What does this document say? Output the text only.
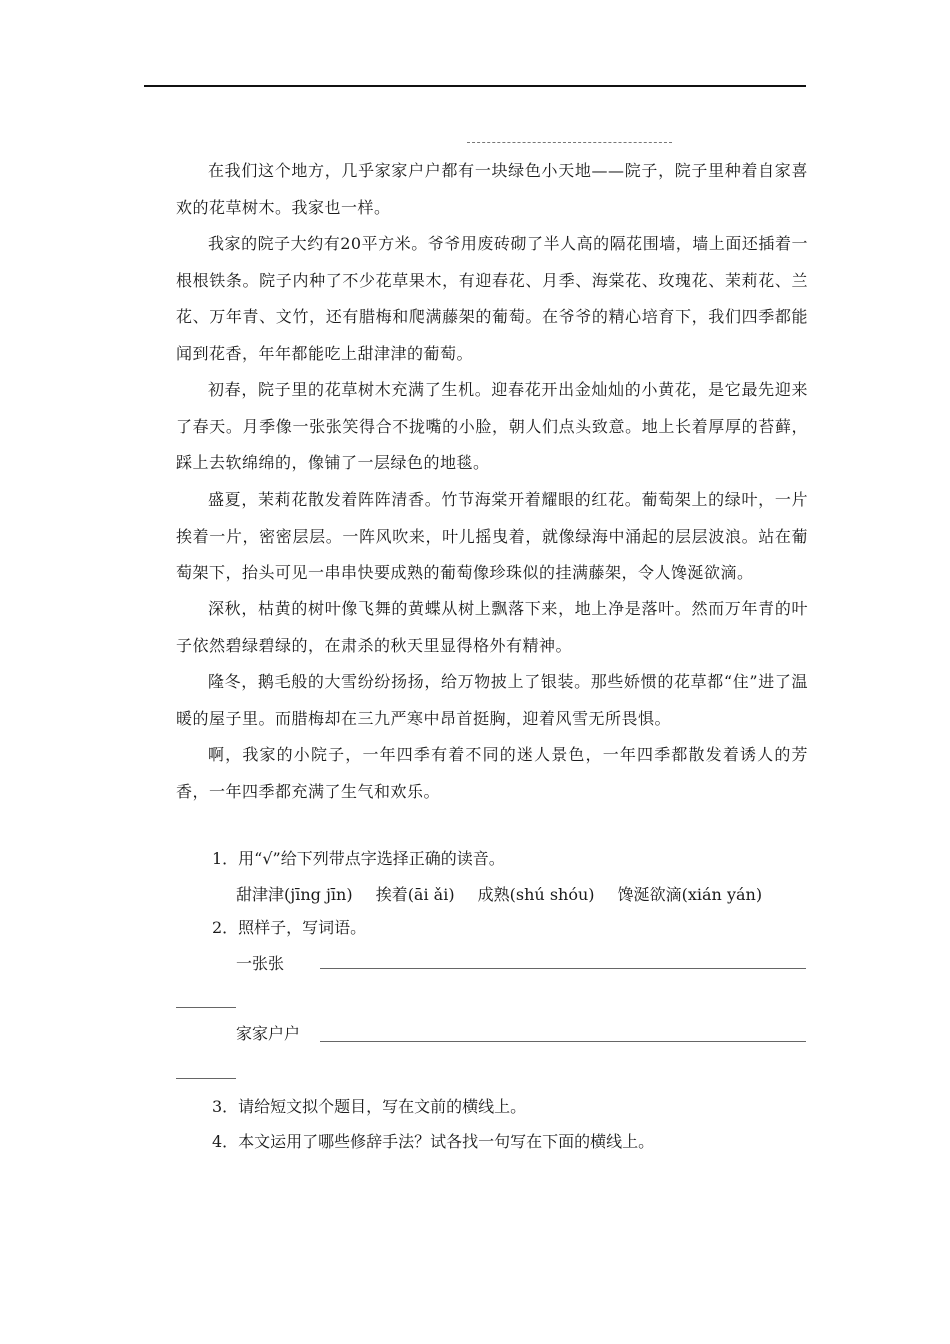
在我们这个地方，几乎家家户户都有一块绿色小天地——院子，院子里种着自家喜欢的花草树木。我家也一样。

我家的院子大约有20平方米。爷爷用废砖砌了半人高的隔花围墙，墙上面还插着一根根铁条。院子内种了不少花草果木，有迎春花、月季、海棠花、玫瑰花、茉莉花、兰花、万年青、文竹，还有腊梅和爬满藤架的葡萄。在爷爷的精心培育下，我们四季都能闻到花香，年年都能吃上甜津津的葡萄。

初春，院子里的花草树木充满了生机。迎春花开出金灿灿的小黄花，是它最先迎来了春天。月季像一张张笑得合不拢嘴的小脸，朝人们点头致意。地上长着厚厚的苔藓，踩上去软绵绵的，像铺了一层绿色的地毯。

盛夏，茉莉花散发着阵阵清香。竹节海棠开着耀眼的红花。葡萄架上的绿叶，一片挨着一片，密密层层。一阵风吹来，叶儿摇曳着，就像绿海中涌起的层层波浪。站在葡萄架下，抬头可见一串串快要成熟的葡萄像珍珠似的挂满藤架，令人馋涎欲滴。

深秋，枯黄的树叶像飞舞的黄蝶从树上飘落下来，地上净是落叶。然而万年青的叶子依然碧绿碧绿的，在肃杀的秋天里显得格外有精神。

隆冬，鹅毛般的大雪纷纷扬扬，给万物披上了银装。那些娇惯的花草都“住”进了温暖的屋子里。而腊梅却在三九严寒中昂首挺胸，迎着风雪无所畏惧。

啊，我家的小院子，一年四季有着不同的迷人景色，一年四季都散发着诱人的芳香，一年四季都充满了生气和欢乐。

1．用“√”给下列带点字选择正确的读音。

甜津津(jīng jīn) 挨着(āi ǎi) 成熟(shú shóu) 馋涎欲滴(xián yán)

2．照样子，写词语。

一张张
家家户户

3．请给短文拟个题目，写在文前的横线上。

4．本文运用了哪些修辞手法？试各找一句写在下面的横线上。
